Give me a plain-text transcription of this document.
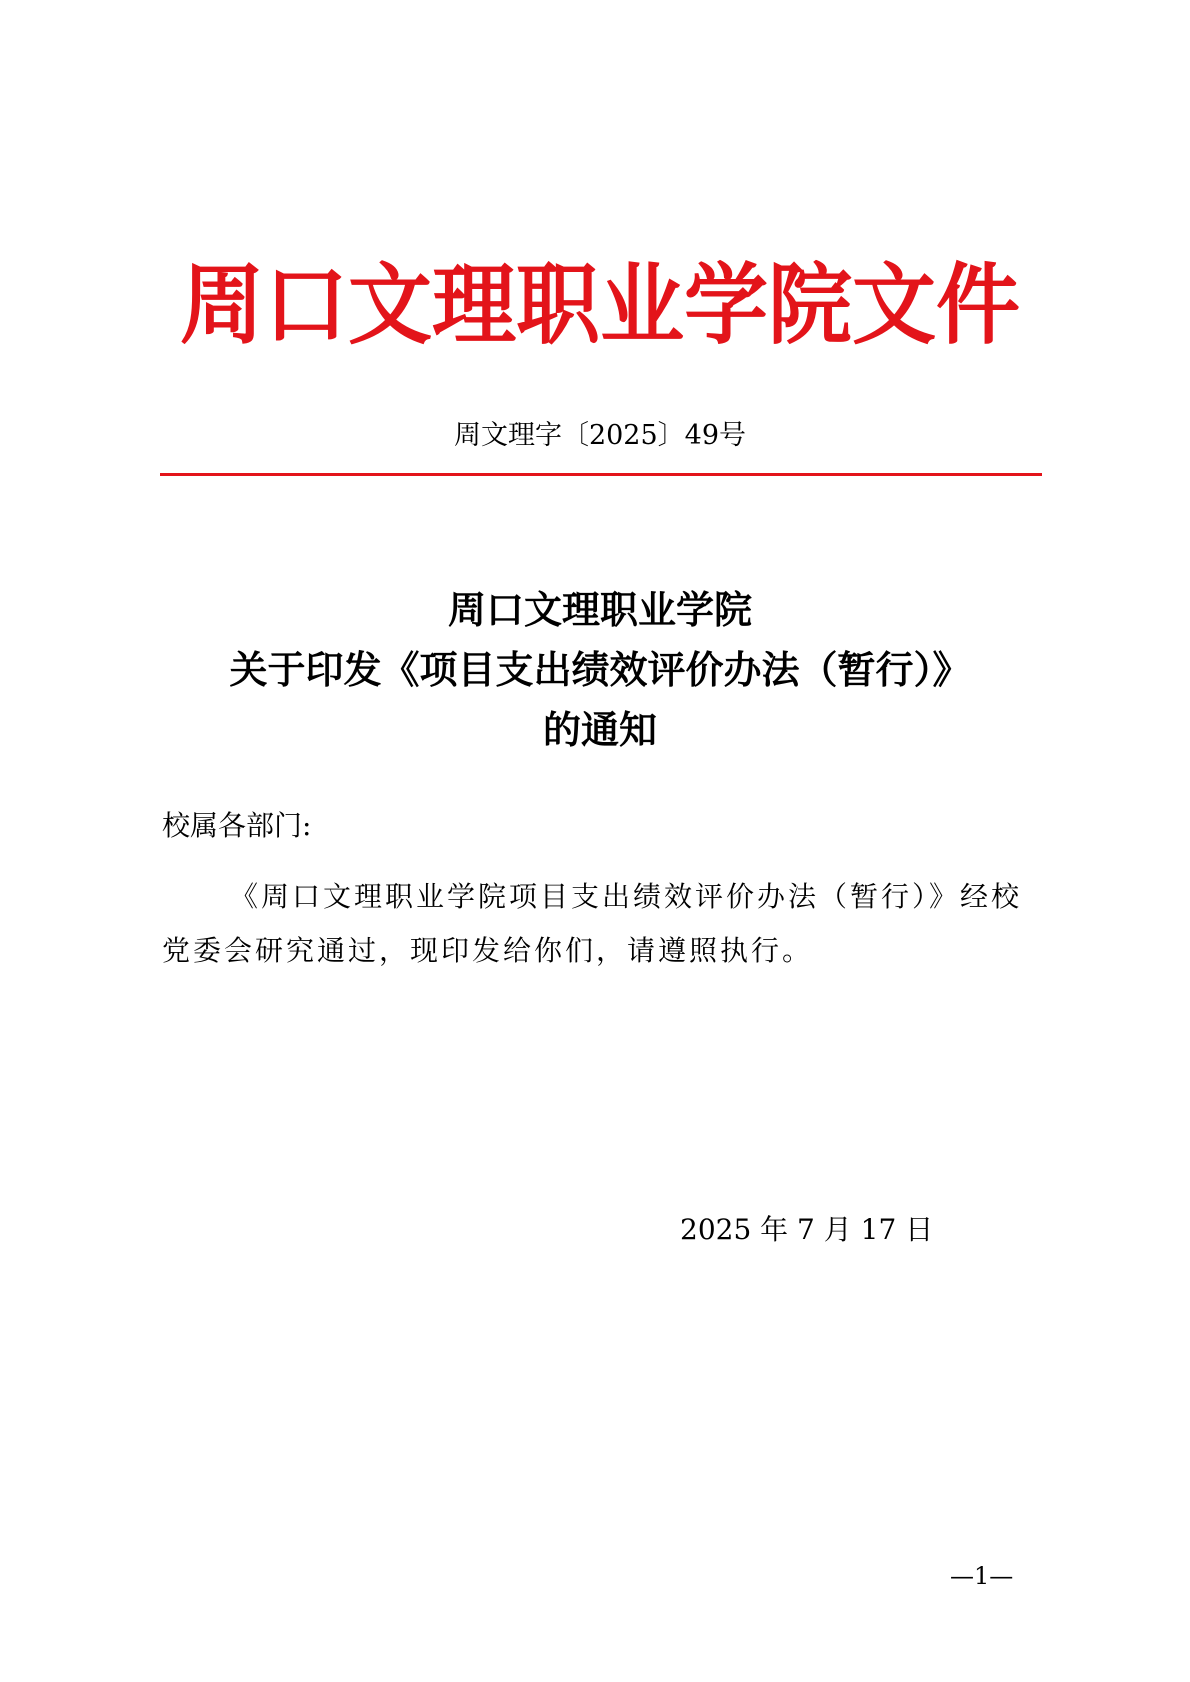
周口文理职业学院文件
周文理字〔2025〕49号
周口文理职业学院
关于印发《项目支出绩效评价办法（暂行）》
的通知
校属各部门:
《周口文理职业学院项目支出绩效评价办法（暂行）》经校
党委会研究通过，现印发给你们，请遵照执行。
2025 年 7 月 17 日
—1—
